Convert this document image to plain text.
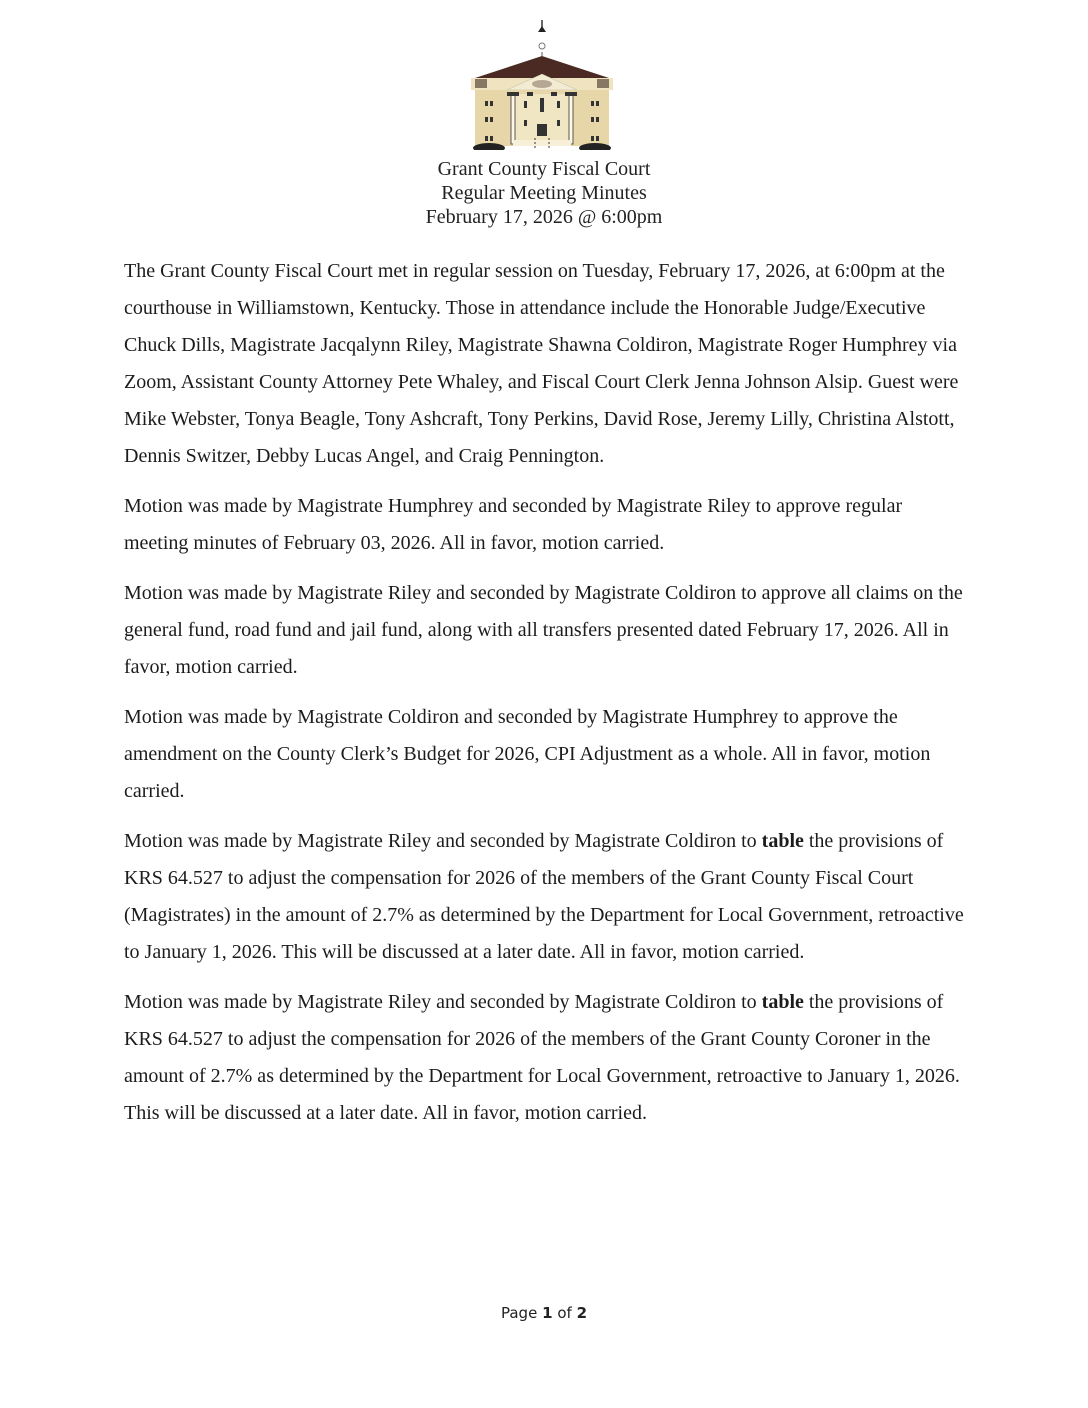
Grant County Fiscal Court
Regular Meeting Minutes
February 17, 2026 @ 6:00pm

The Grant County Fiscal Court met in regular session on Tuesday, February 17, 2026, at 6:00pm at the courthouse in Williamstown, Kentucky. Those in attendance include the Honorable Judge/Executive Chuck Dills, Magistrate Jacqalynn Riley, Magistrate Shawna Coldiron, Magistrate Roger Humphrey via Zoom, Assistant County Attorney Pete Whaley, and Fiscal Court Clerk Jenna Johnson Alsip. Guest were Mike Webster, Tonya Beagle, Tony Ashcraft, Tony Perkins, David Rose, Jeremy Lilly, Christina Alstott, Dennis Switzer, Debby Lucas Angel, and Craig Pennington.

Motion was made by Magistrate Humphrey and seconded by Magistrate Riley to approve regular meeting minutes of February 03, 2026. All in favor, motion carried.

Motion was made by Magistrate Riley and seconded by Magistrate Coldiron to approve all claims on the general fund, road fund and jail fund, along with all transfers presented dated February 17, 2026. All in favor, motion carried.

Motion was made by Magistrate Coldiron and seconded by Magistrate Humphrey to approve the amendment on the County Clerk’s Budget for 2026, CPI Adjustment as a whole. All in favor, motion carried.

Motion was made by Magistrate Riley and seconded by Magistrate Coldiron to table the provisions of KRS 64.527 to adjust the compensation for 2026 of the members of the Grant County Fiscal Court (Magistrates) in the amount of 2.7% as determined by the Department for Local Government, retroactive to January 1, 2026. This will be discussed at a later date. All in favor, motion carried.

Motion was made by Magistrate Riley and seconded by Magistrate Coldiron to table the provisions of KRS 64.527 to adjust the compensation for 2026 of the members of the Grant County Coroner in the amount of 2.7% as determined by the Department for Local Government, retroactive to January 1, 2026. This will be discussed at a later date. All in favor, motion carried.

Page 1 of 2
